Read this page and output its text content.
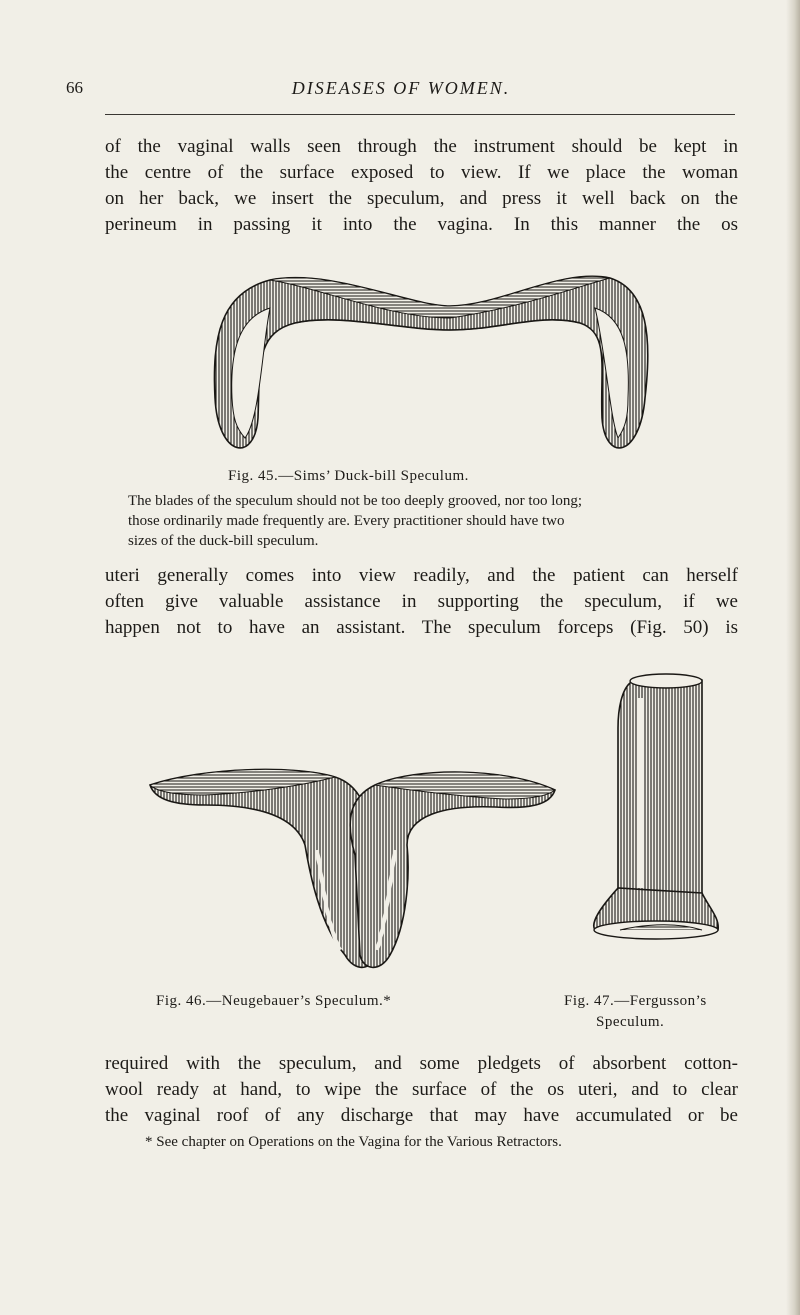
66	DISEASES OF WOMEN.

of the vaginal walls seen through the instrument should be kept in
the centre of the surface exposed to view. If we place the woman
on her back, we insert the speculum, and press it well back on the
perineum in passing it into the vagina. In this manner the os

Fig. 45.—Sims’ Duck-bill Speculum.

The blades of the speculum should not be too deeply grooved, nor too long;
those ordinarily made frequently are. Every practitioner should have two
sizes of the duck-bill speculum.

uteri generally comes into view readily, and the patient can herself
often give valuable assistance in supporting the speculum, if we
happen not to have an assistant. The speculum forceps (Fig. 50) is

Fig. 46.—Neugebauer’s Speculum.*	Fig. 47.—Fergusson’s
Speculum.

required with the speculum, and some pledgets of absorbent cotton-
wool ready at hand, to wipe the surface of the os uteri, and to clear
the vaginal roof of any discharge that may have accumulated or be

* See chapter on Operations on the Vagina for the Various Retractors.
